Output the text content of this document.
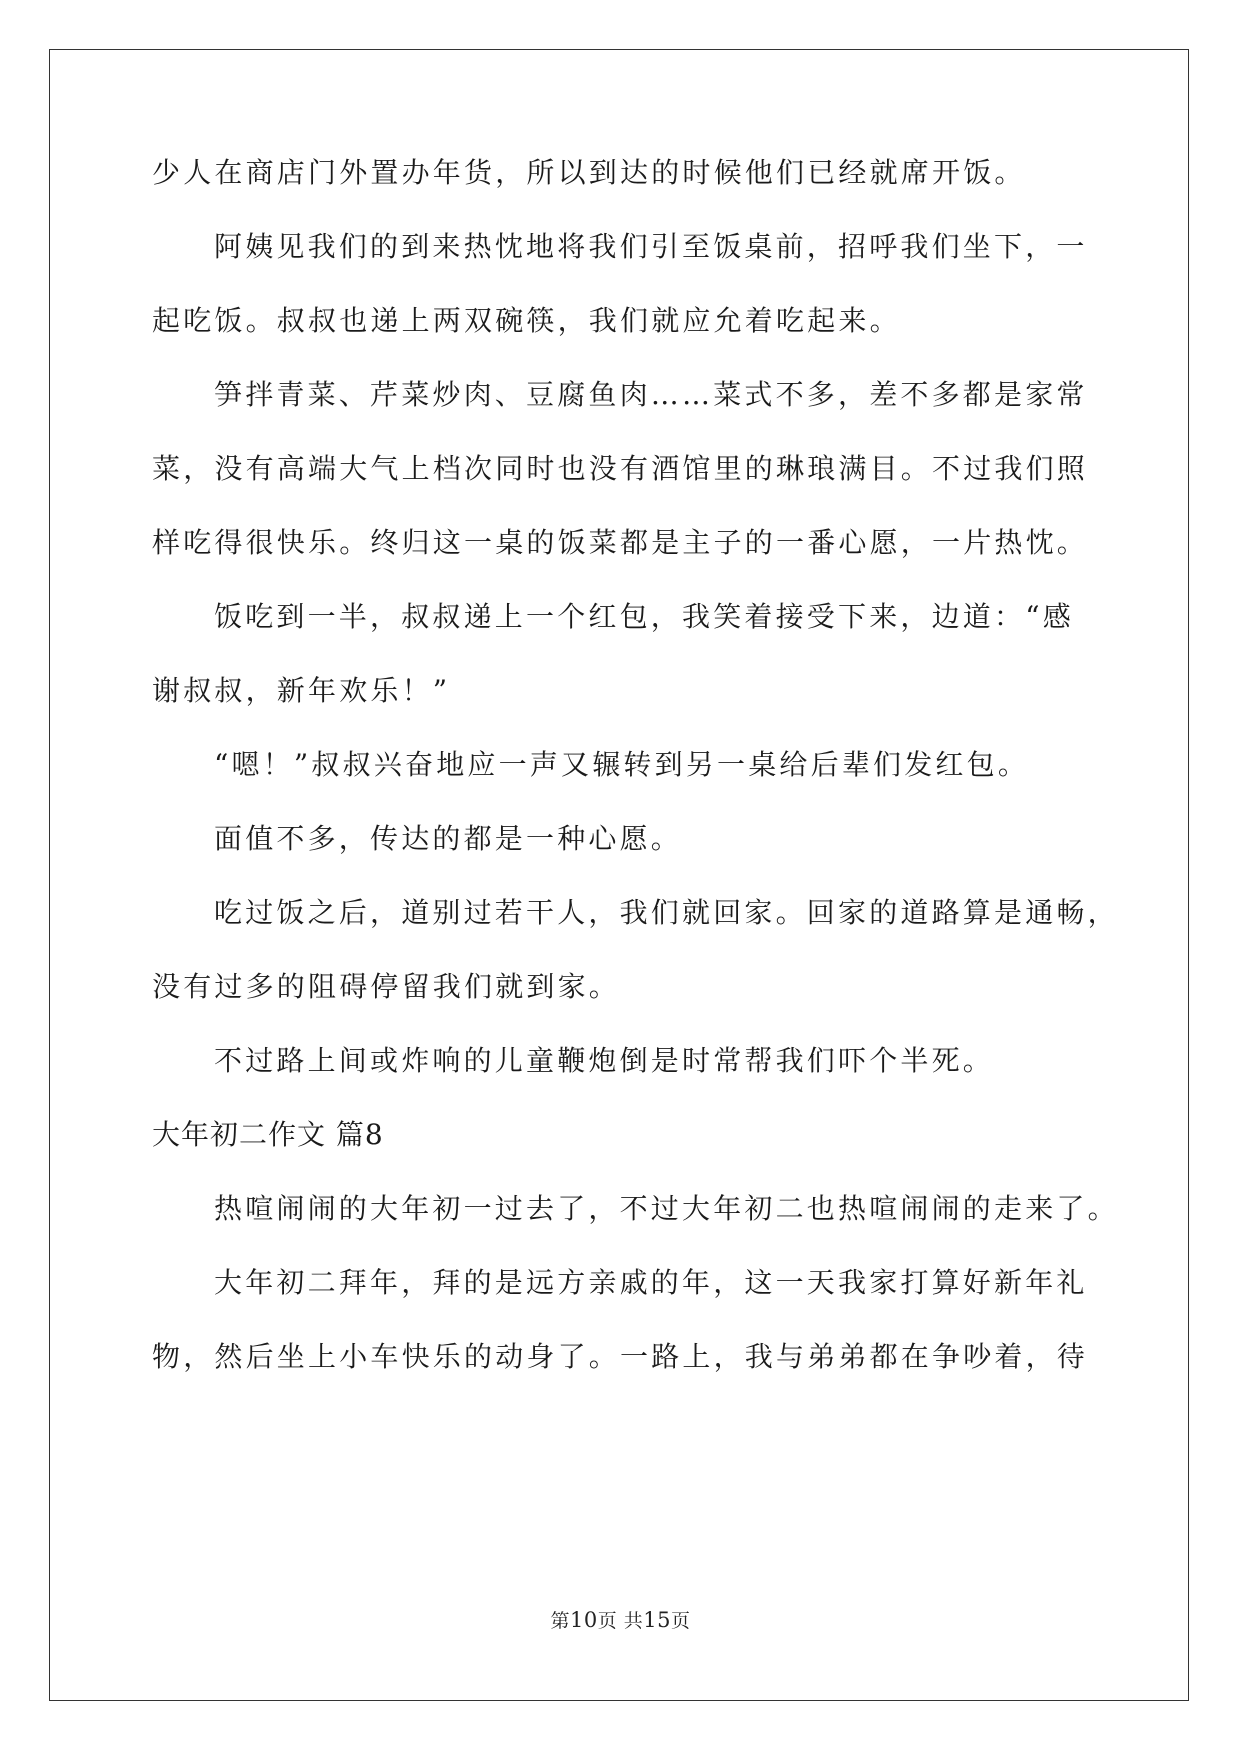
少人在商店门外置办年货，所以到达的时候他们已经就席开饭。
阿姨见我们的到来热忱地将我们引至饭桌前，招呼我们坐下，一
起吃饭。叔叔也递上两双碗筷，我们就应允着吃起来。
笋拌青菜、芹菜炒肉、豆腐鱼肉……菜式不多，差不多都是家常
菜，没有高端大气上档次同时也没有酒馆里的琳琅满目。不过我们照
样吃得很快乐。终归这一桌的饭菜都是主子的一番心愿，一片热忱。
饭吃到一半，叔叔递上一个红包，我笑着接受下来，边道：“感
谢叔叔，新年欢乐！”
“嗯！”叔叔兴奋地应一声又辗转到另一桌给后辈们发红包。
面值不多，传达的都是一种心愿。
吃过饭之后，道别过若干人，我们就回家。回家的道路算是通畅，
没有过多的阻碍停留我们就到家。
不过路上间或炸响的儿童鞭炮倒是时常帮我们吓个半死。
大年初二作文 篇8
热喧闹闹的大年初一过去了，不过大年初二也热喧闹闹的走来了。
大年初二拜年，拜的是远方亲戚的年，这一天我家打算好新年礼
物，然后坐上小车快乐的动身了。一路上，我与弟弟都在争吵着，待
第10页 共15页
